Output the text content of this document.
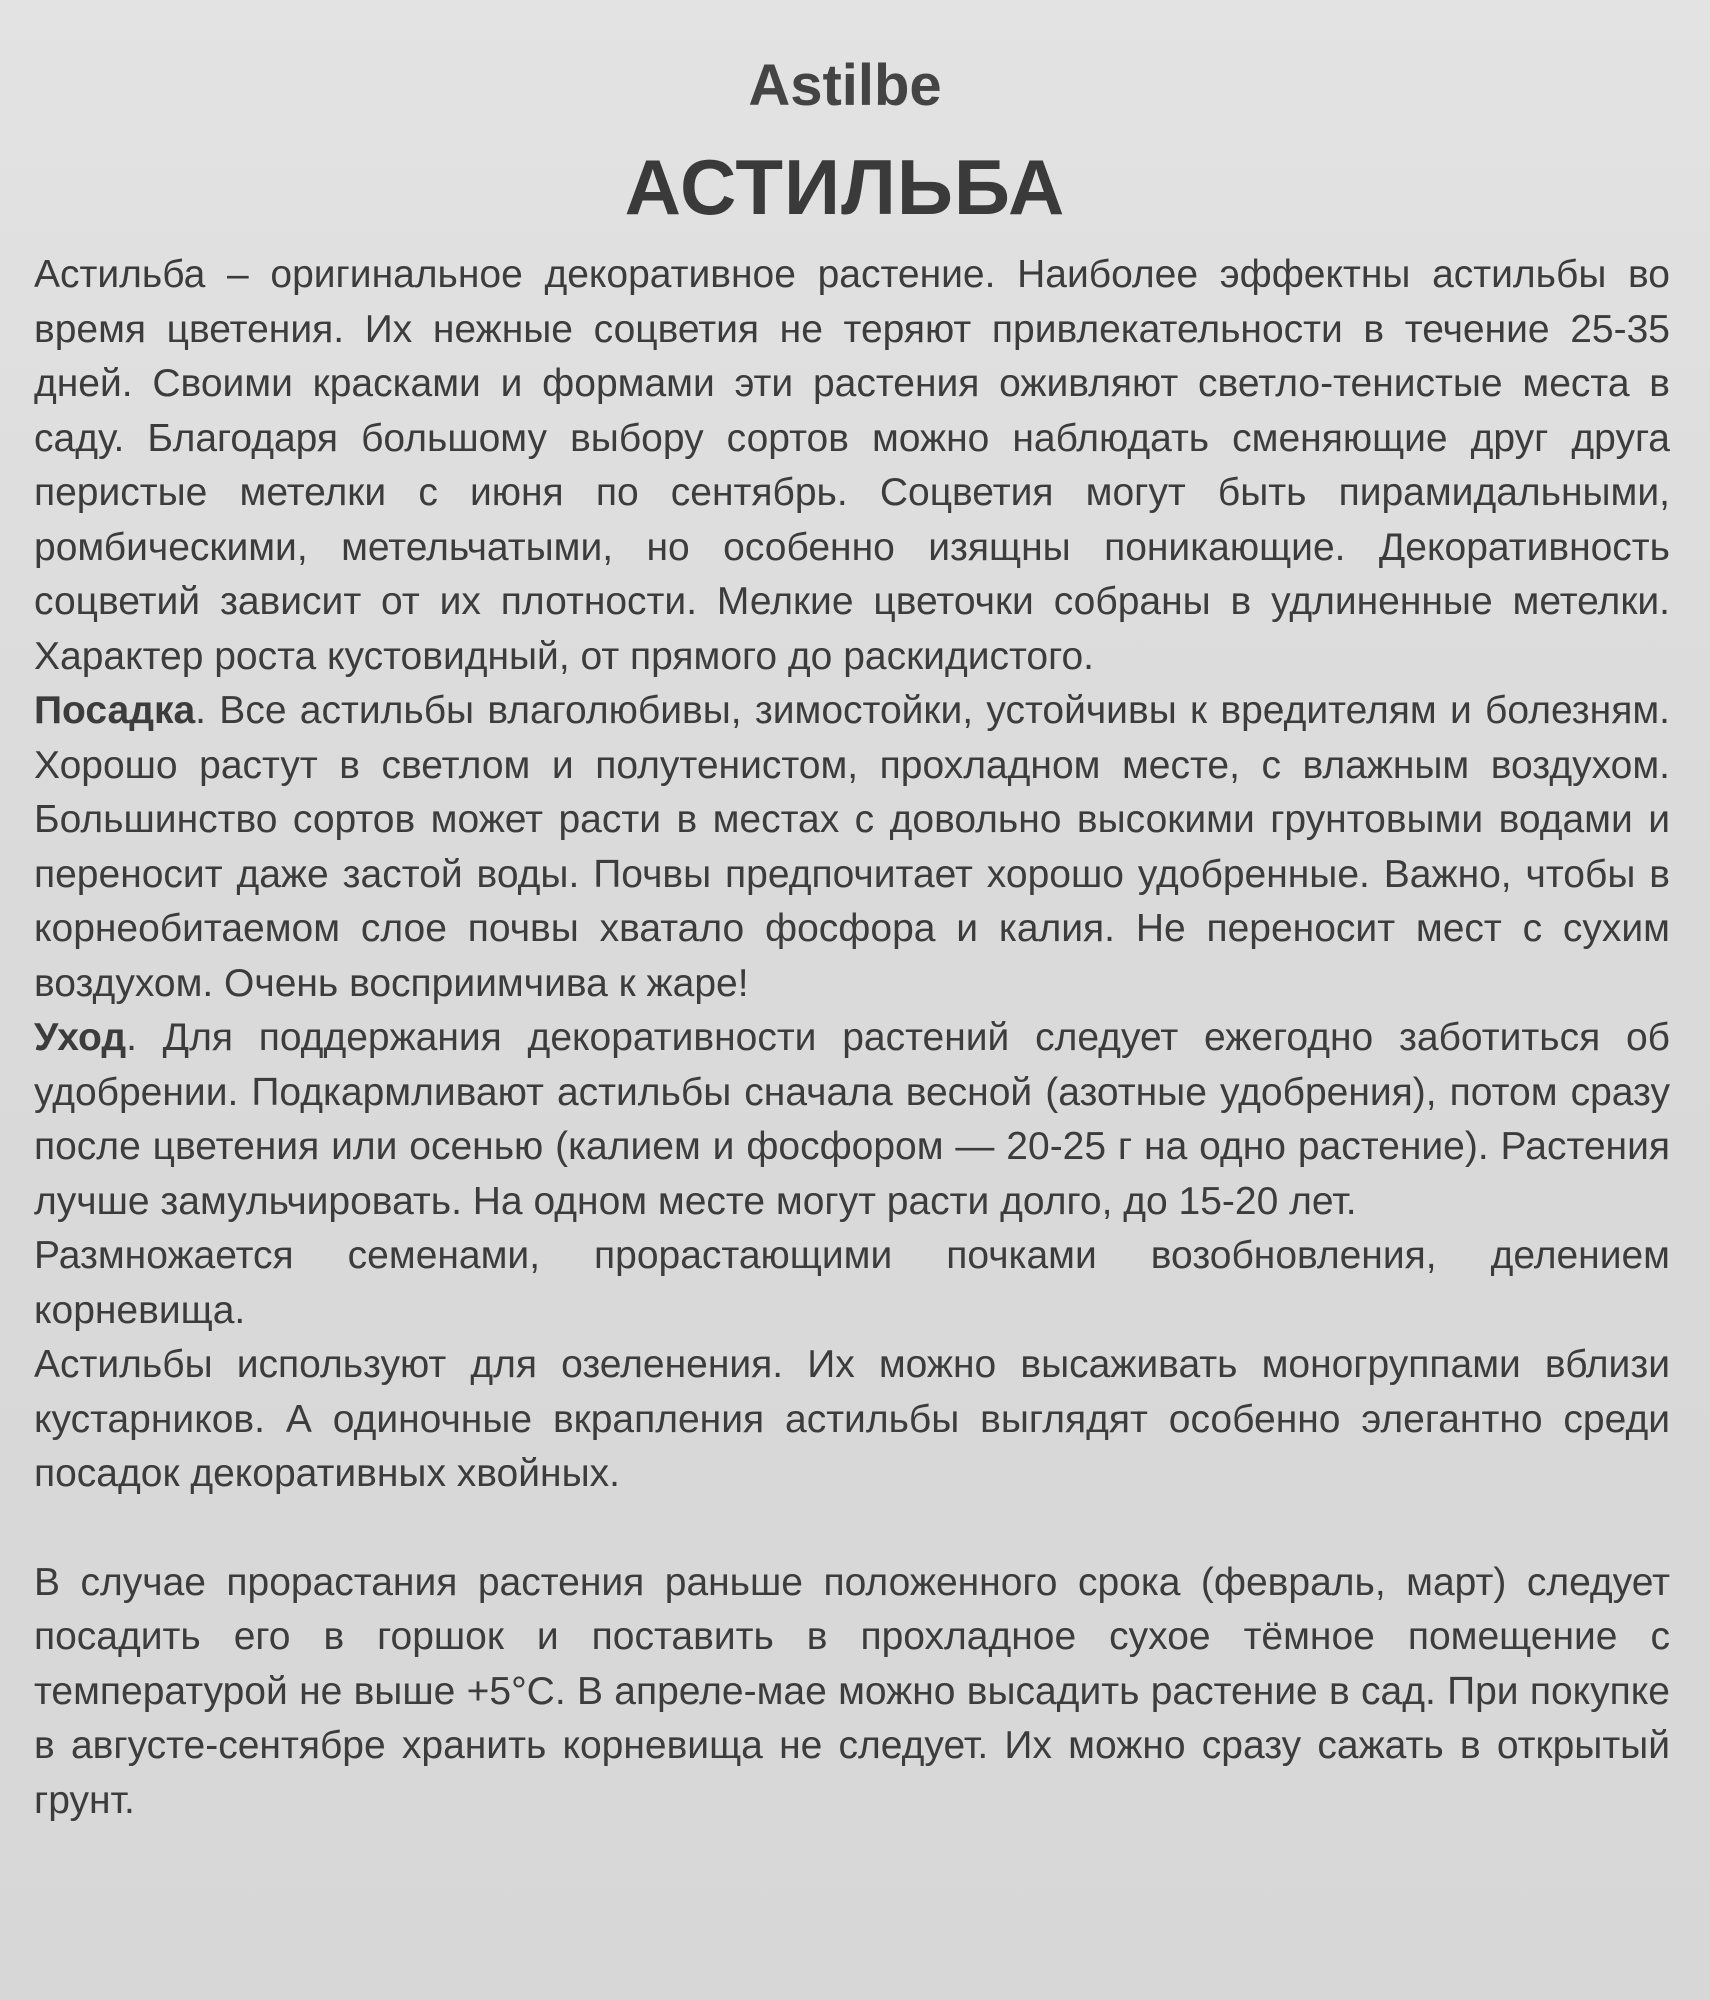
Astilbe
АСТИЛЬБА

Астильба – оригинальное декоративное растение. Наиболее эффектны астильбы во время цветения. Их нежные соцветия не теряют привлекательности в течение 25-35 дней. Своими красками и формами эти растения оживляют светло-тенистые места в саду. Благодаря большому выбору сортов можно наблюдать сменяющие друг друга перистые метелки с июня по сентябрь. Соцветия могут быть пирамидальными, ромбическими, метельчатыми, но особенно изящны поникающие. Декоративность соцветий зависит от их плотности. Мелкие цветочки собраны в удлиненные метелки. Характер роста кустовидный, от прямого до раскидистого.

Посадка. Все астильбы влаголюбивы, зимостойки, устойчивы к вредителям и болезням. Хорошо растут в светлом и полутенистом, прохладном месте, с влажным воздухом. Большинство сортов может расти в местах с довольно высокими грунтовыми водами и переносит даже застой воды. Почвы предпочитает хорошо удобренные. Важно, чтобы в корнеобитаемом слое почвы хватало фосфора и калия. Не переносит мест с сухим воздухом. Очень восприимчива к жаре!

Уход. Для поддержания декоративности растений следует ежегодно заботиться об удобрении. Подкармливают астильбы сначала весной (азотные удобрения), потом сразу после цветения или осенью (калием и фосфором — 20-25 г на одно растение). Растения лучше замульчировать. На одном месте могут расти долго, до 15-20 лет.

Размножается семенами, прорастающими почками возобновления, делением корневища.

Астильбы используют для озеленения. Их можно высаживать моногруппами вблизи кустарников. А одиночные вкрапления астильбы выглядят особенно элегантно среди посадок декоративных хвойных.

В случае прорастания растения раньше положенного срока (февраль, март) следует посадить его в горшок и поставить в прохладное сухое тёмное помещение с температурой не выше +5°С. В апреле-мае можно высадить растение в сад. При покупке в августе-сентябре хранить корневища не следует. Их можно сразу сажать в открытый грунт.
